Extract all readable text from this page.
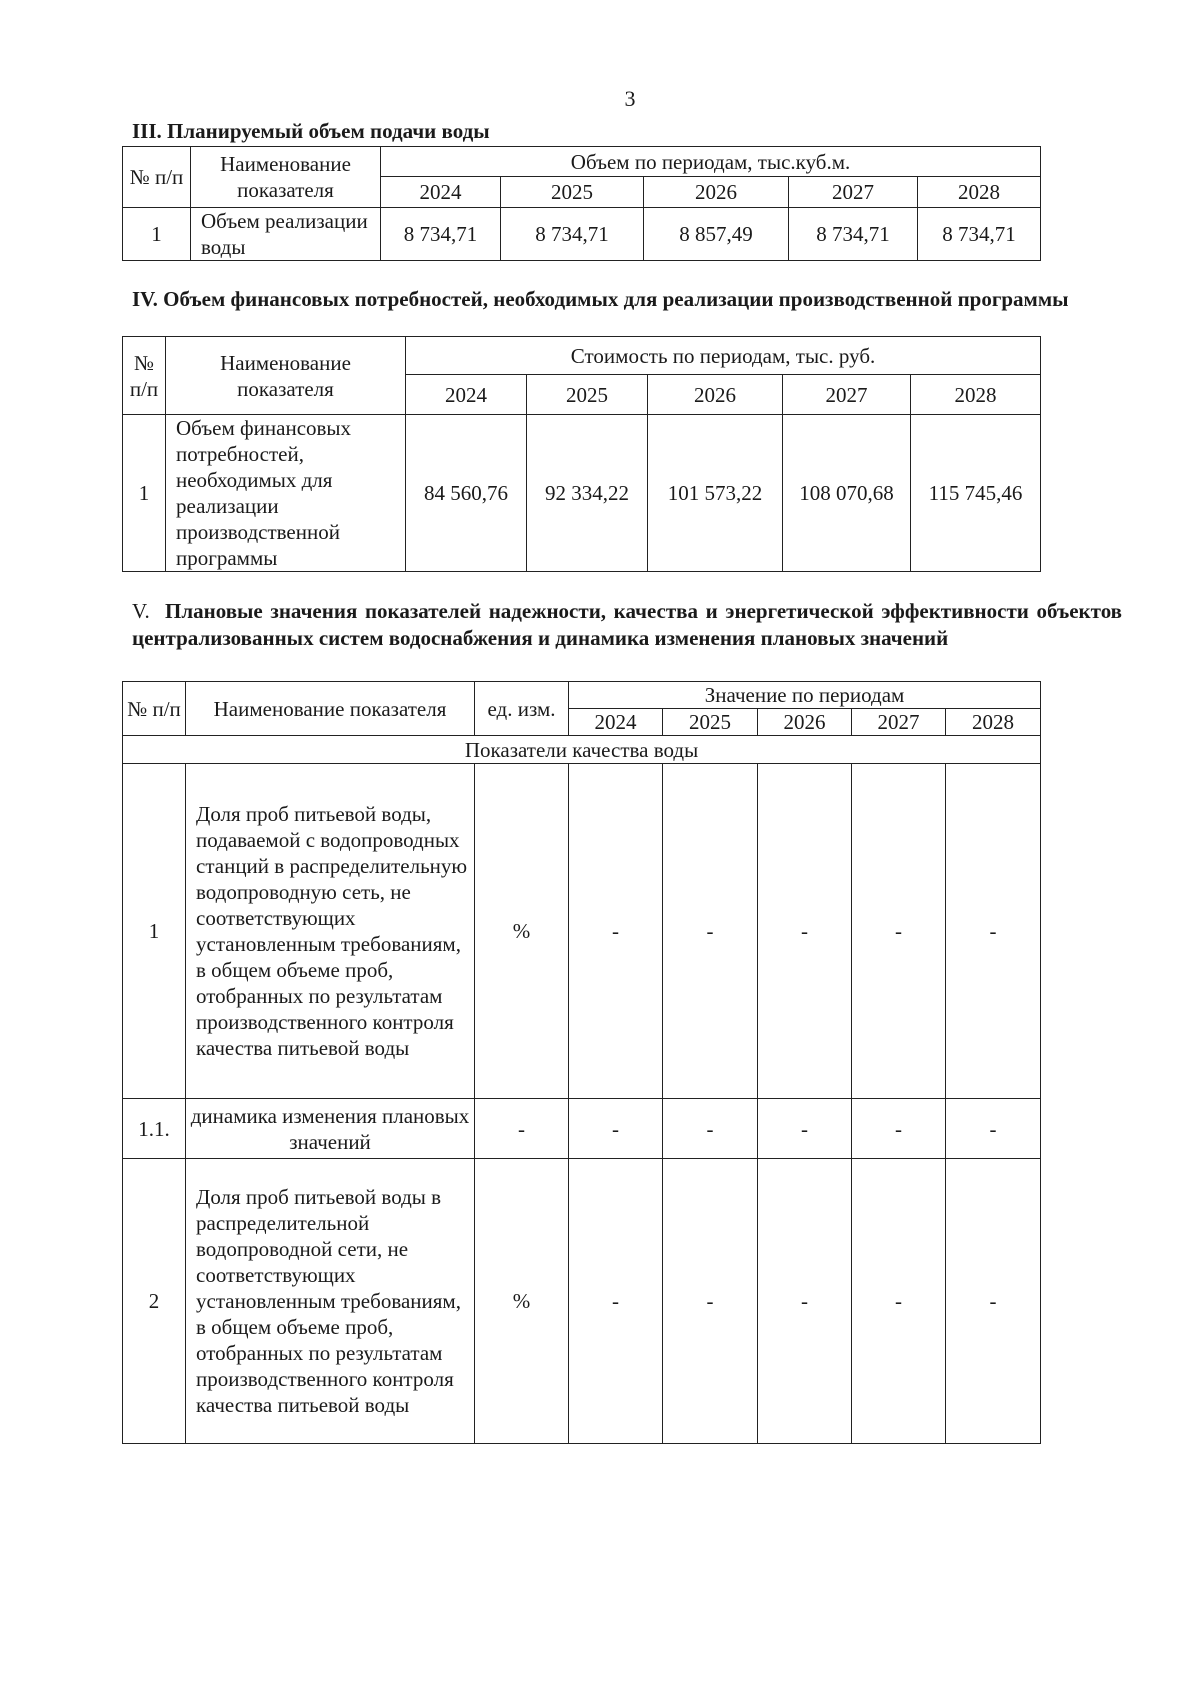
3

III. Планируемый объем подачи воды

№ п/п	Наименование показателя	Объем по периодам, тыс.куб.м.				
		2024	2025	2026	2027	2028
1	Объем реализации воды	8 734,71	8 734,71	8 857,49	8 734,71	8 734,71

IV. Объем финансовых потребностей, необходимых для реализации производственной программы

№ п/п	Наименование показателя	Стоимость по периодам, тыс. руб.				
		2024	2025	2026	2027	2028
1	Объем финансовых потребностей, необходимых для реализации производственной программы	84 560,76	92 334,22	101 573,22	108 070,68	115 745,46

V. Плановые значения показателей надежности, качества и энергетической эффективности объектов централизованных систем водоснабжения и динамика изменения плановых значений

№ п/п	Наименование показателя	ед. изм.	Значение по периодам				
			2024	2025	2026	2027	2028
Показатели качества воды							
1	Доля проб питьевой воды, подаваемой с водопроводных станций в распределительную водопроводную сеть, не соответствующих установленным требованиям, в общем объеме проб, отобранных по результатам производственного контроля качества питьевой воды	%	-	-	-	-	-
1.1.	динамика изменения плановых значений	-	-	-	-	-	-
2	Доля проб питьевой воды в распределительной водопроводной сети, не соответствующих установленным требованиям, в общем объеме проб, отобранных по результатам производственного контроля качества питьевой воды	%	-	-	-	-	-
